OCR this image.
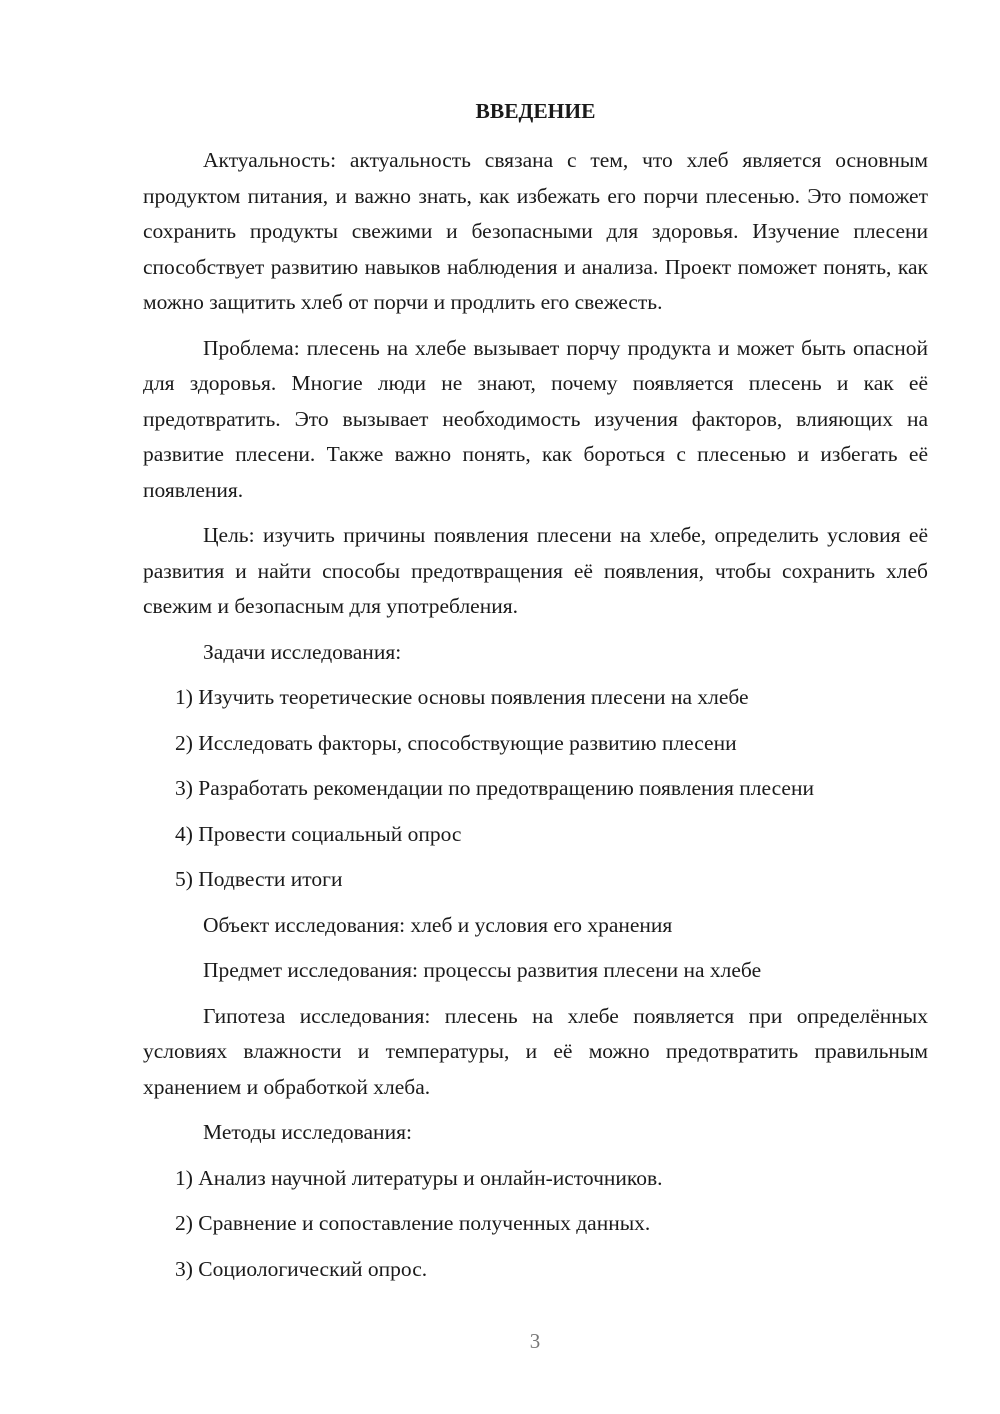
ВВЕДЕНИЕ

Актуальность: актуальность связана с тем, что хлеб является основным продуктом питания, и важно знать, как избежать его порчи плесенью. Это поможет сохранить продукты свежими и безопасными для здоровья. Изучение плесени способствует развитию навыков наблюдения и анализа. Проект поможет понять, как можно защитить хлеб от порчи и продлить его свежесть.

Проблема: плесень на хлебе вызывает порчу продукта и может быть опасной для здоровья. Многие люди не знают, почему появляется плесень и как её предотвратить. Это вызывает необходимость изучения факторов, влияющих на развитие плесени. Также важно понять, как бороться с плесенью и избегать её появления.

Цель: изучить причины появления плесени на хлебе, определить условия её развития и найти способы предотвращения её появления, чтобы сохранить хлеб свежим и безопасным для употребления.

Задачи исследования:
1) Изучить теоретические основы появления плесени на хлебе
2) Исследовать факторы, способствующие развитию плесени
3) Разработать рекомендации по предотвращению появления плесени
4) Провести социальный опрос
5) Подвести итоги
Объект исследования: хлеб и условия его хранения
Предмет исследования: процессы развития плесени на хлебе

Гипотеза исследования: плесень на хлебе появляется при определённых условиях влажности и температуры, и её можно предотвратить правильным хранением и обработкой хлеба.

Методы исследования:
1) Анализ научной литературы и онлайн-источников.
2) Сравнение и сопоставление полученных данных.
3) Социологический опрос.
3
